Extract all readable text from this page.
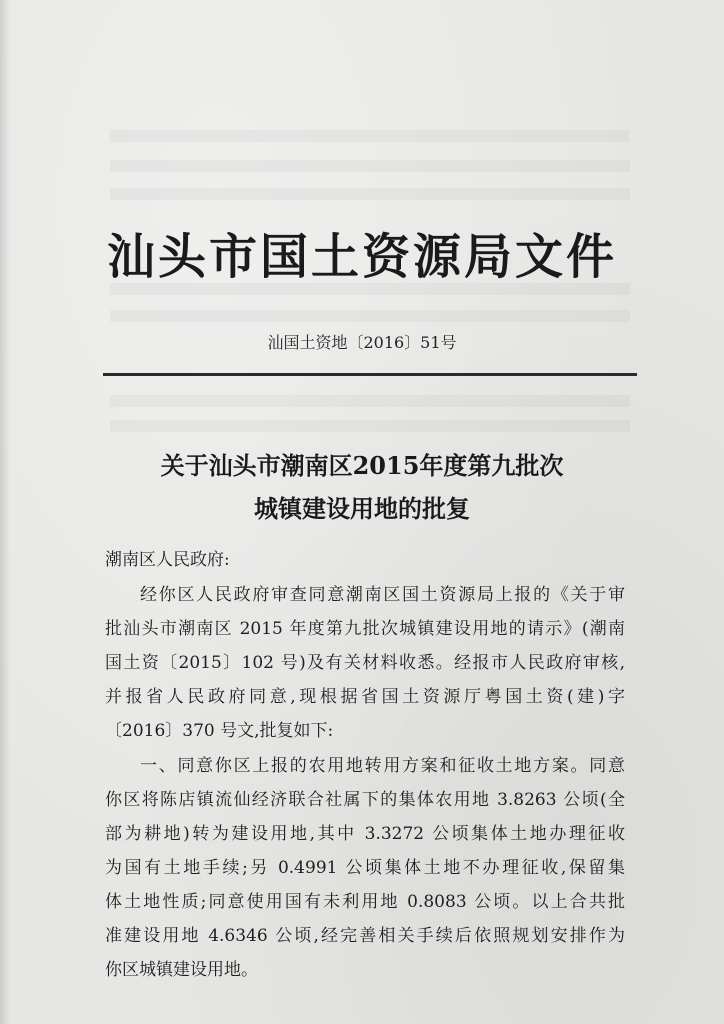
汕头市国土资源局文件

汕国土资地〔2016〕51号

关于汕头市潮南区2015年度第九批次
城镇建设用地的批复

潮南区人民政府:

经你区人民政府审查同意潮南区国土资源局上报的《关于审

批汕头市潮南区 2015 年度第九批次城镇建设用地的请示》(潮南

国土资〔2015〕102 号)及有关材料收悉。经报市人民政府审核,

并报省人民政府同意,现根据省国土资源厅粤国土资(建)字

〔2016〕370 号文,批复如下:

一、同意你区上报的农用地转用方案和征收土地方案。同意

你区将陈店镇流仙经济联合社属下的集体农用地 3.8263 公顷(全

部为耕地)转为建设用地,其中 3.3272 公顷集体土地办理征收

为国有土地手续;另 0.4991 公顷集体土地不办理征收,保留集

体土地性质;同意使用国有未利用地 0.8083 公顷。以上合共批

准建设用地 4.6346 公顷,经完善相关手续后依照规划安排作为

你区城镇建设用地。
